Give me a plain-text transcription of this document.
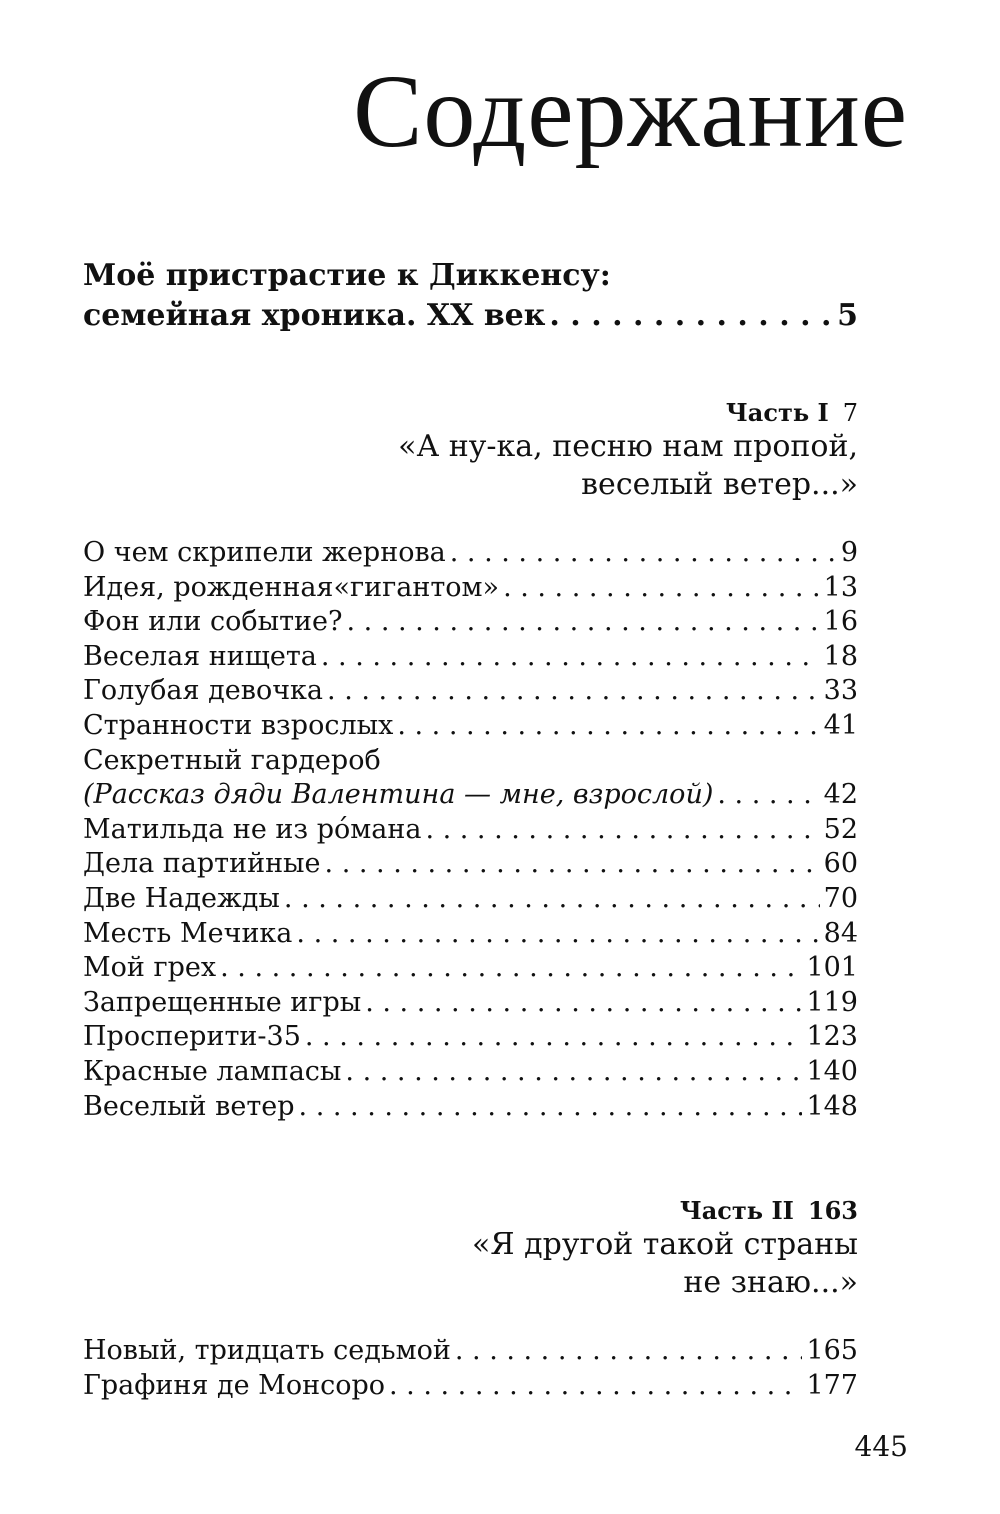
Содержание
Моё пристрастие к Диккенсу:
семейная хроника. XX век . . .	5
Часть I 7
«А ну-ка, песню нам пропой,
веселый ветер...»
О чем скрипели жернова . . .	9
Идея, рожденная«гигантом» . . .	13
Фон или событие? . . .	16
Веселая нищета . . .	18
Голубая девочка . . .	33
Странности взрослых . . .	41
Секретный гардероб
(Рассказ дяди Валентина — мне, взрослой) . . .	42
Матильда не из ро́мана . . .	52
Дела партийные . . .	60
Две Надежды . . .	70
Месть Мечика . . .	84
Мой грех . . .	101
Запрещенные игры . . .	119
Просперити-35 . . .	123
Красные лампасы . . .	140
Веселый ветер . . .	148
Часть II 163
«Я другой такой страны
не знаю...»
Новый, тридцать седьмой . . .	165
Графиня де Монсоро . . .	177

445
